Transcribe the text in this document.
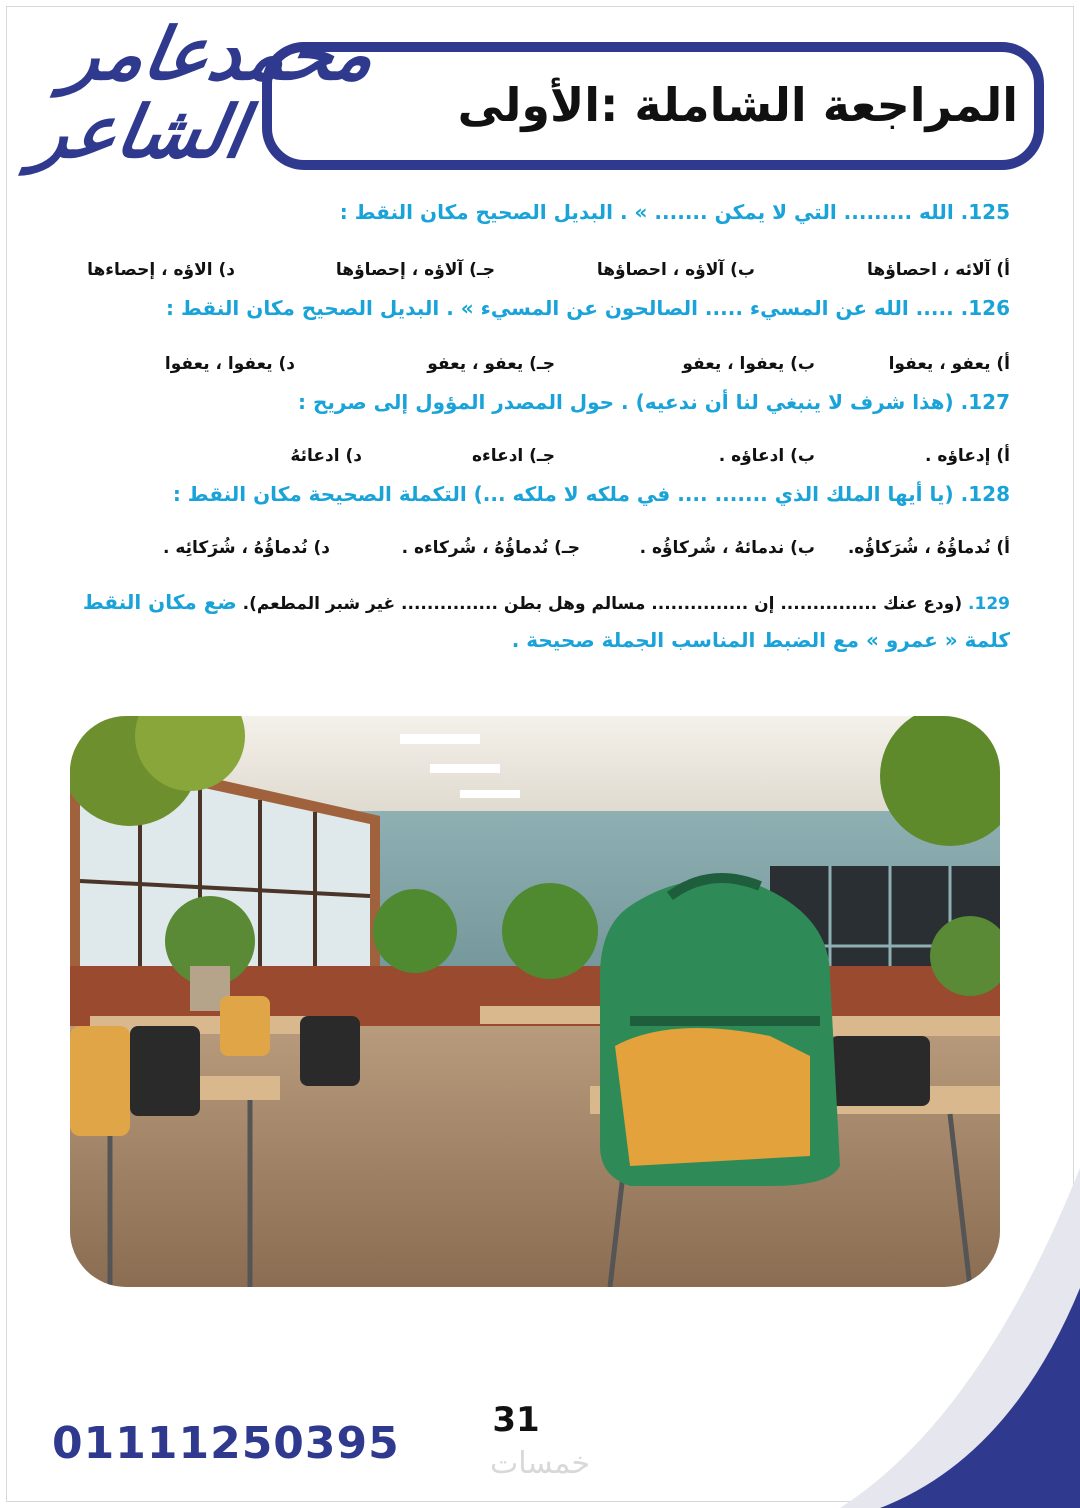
المراجعة الشاملة :الأولى
محمدعامر
الشاعر
125. الله ......... التي لا يمكن ....... » . البديل الصحيح مكان النقط :
أ) آلائه ، احصاؤها
ب) آلاؤه ، احصاؤها
جـ) آلاؤه ، إحصاؤها
د) الاؤه ، إحصاءها
126. ..... الله عن المسيء ..... الصالحون عن المسيء » . البديل الصحيح مكان النقط :
أ) يعفو ، يعفوا
ب) يعفوا ، يعفو
جـ) يعفو ، يعفو
د) يعفوا ، يعفوا
127. (هذا شرف لا ينبغي لنا أن ندعيه) . حول المصدر المؤول إلى صريح :
أ) إدعاؤه .
ب) ادعاؤه .
جـ) ادعاءه
د) ادعائهُ
128. (يا أيها الملك الذي ....... .... في ملكه لا ملكه ...) التكملة الصحيحة مكان النقط :
أ) نُدماؤُهُ ، شُرَكاؤُه.
ب) ندمائهُ ، شُركاؤُه .
جـ) نُدماؤُهُ ، شُركاءه .
د) نُدماؤُهُ ، شُرَكائِه .
129. (ودع عنك ............... إن ............... مسالم وهل بطن ............... غير شبر المطعم). ضع مكان النقط
كلمة « عمرو » مع الضبط المناسب الجملة صحيحة .
01111250395	31
خمسات
